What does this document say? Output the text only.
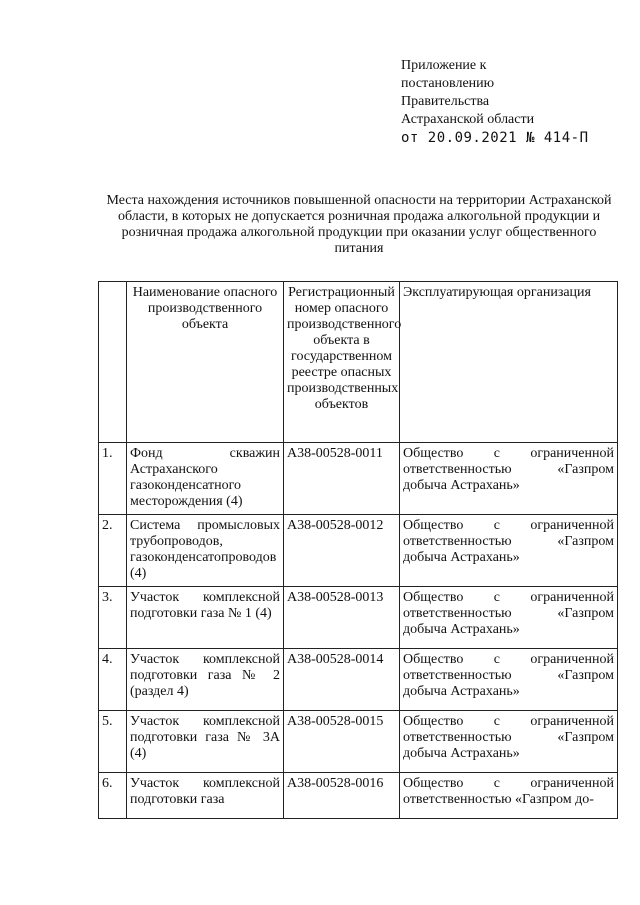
Приложение к
постановлению
Правительства
Астраханской области
от 20.09.2021 № 414-П
Места нахождения источников повышенной опасности на территории Астраханской области, в которых не допускается розничная продажа алкогольной продукции и розничная продажа алкогольной продукции при оказании услуг общественного питания
	Наименование опасного производственного объекта	Регистрационный номер опасного производственного объекта в государственном реестре опасных производственных объектов	Эксплуатирующая организация
1.	Фонд скважин Астраханского газоконденсатного месторождения (4)	А38-00528-0011	Общество с ограниченной ответственностью «Газпром добыча Астрахань»
2.	Система промысловых трубопроводов, газоконденсатопроводов (4)	А38-00528-0012	Общество с ограниченной ответственностью «Газпром добыча Астрахань»
3.	Участок комплексной подготовки газа № 1 (4)	А38-00528-0013	Общество с ограниченной ответственностью «Газпром добыча Астрахань»
4.	Участок комплексной подготовки газа № 2 (раздел 4)	А38-00528-0014	Общество с ограниченной ответственностью «Газпром добыча Астрахань»
5.	Участок комплексной подготовки газа № 3А (4)	А38-00528-0015	Общество с ограниченной ответственностью «Газпром добыча Астрахань»
6.	Участок комплексной подготовки газа	А38-00528-0016	Общество с ограниченной ответственностью «Газпром до-
